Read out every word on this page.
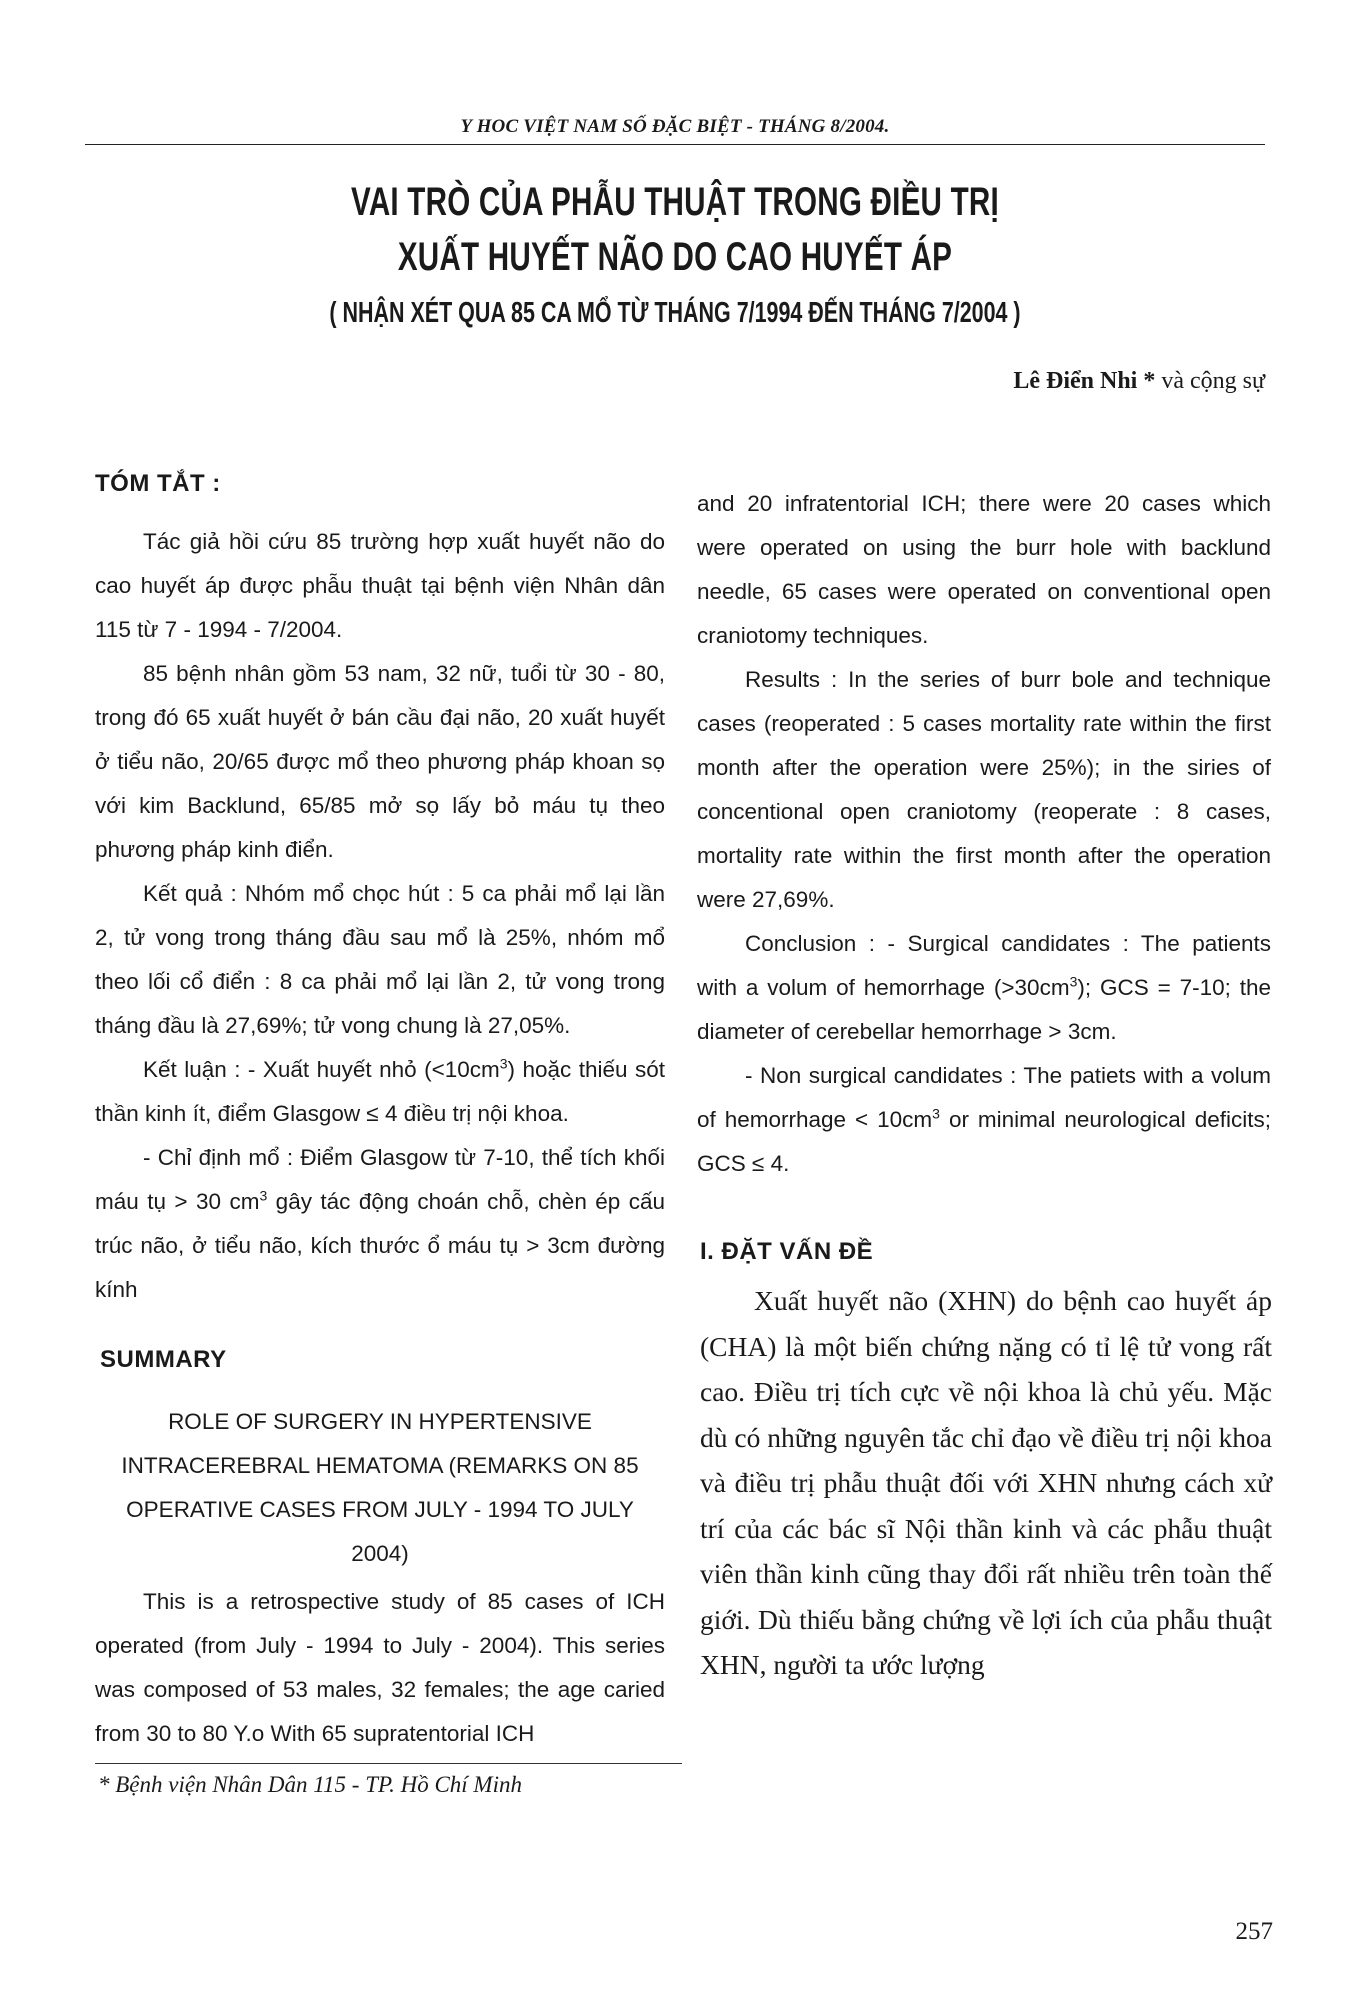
Y HOC VIỆT NAM SỐ ĐẶC BIỆT - THÁNG 8/2004.
VAI TRÒ CỦA PHẪU THUẬT TRONG ĐIỀU TRỊ
XUẤT HUYẾT NÃO DO CAO HUYẾT ÁP
( NHẬN XÉT QUA 85 CA MỔ TỪ THÁNG 7/1994 ĐẾN THÁNG 7/2004 )
Lê Điển Nhi * và cộng sự
TÓM TẮT :

Tác giả hồi cứu 85 trường hợp xuất huyết não do cao huyết áp được phẫu thuật tại bệnh viện Nhân dân 115 từ 7 - 1994 - 7/2004.

85 bệnh nhân gồm 53 nam, 32 nữ, tuổi từ 30 - 80, trong đó 65 xuất huyết ở bán cầu đại não, 20 xuất huyết ở tiểu não, 20/65 được mổ theo phương pháp khoan sọ với kim Backlund, 65/85 mở sọ lấy bỏ máu tụ theo phương pháp kinh điển.

Kết quả : Nhóm mổ chọc hút : 5 ca phải mổ lại lần 2, tử vong trong tháng đầu sau mổ là 25%, nhóm mổ theo lối cổ điển : 8 ca phải mổ lại lần 2, tử vong trong tháng đầu là 27,69%; tử vong chung là 27,05%.

Kết luận : - Xuất huyết nhỏ $(<10cm^3)$ hoặc thiếu sót thần kinh ít, điểm Glasgow ≤ 4 điều trị nội khoa.

- Chỉ định mổ : Điểm Glasgow từ 7-10, thể tích khối máu tụ > 30 $cm^3$ gây tác động choán chỗ, chèn ép cấu trúc não, ở tiểu não, kích thước ổ máu tụ > 3cm đường kính

SUMMARY

ROLE OF SURGERY IN HYPERTENSIVE

INTRACEREBRAL HEMATOMA (REMARKS ON 85

OPERATIVE CASES FROM JULY - 1994 TO JULY 2004)

This is a retrospective study of 85 cases of ICH operated (from July - 1994 to July - 2004). This series was composed of 53 males, 32 females; the age caried from 30 to 80 Y.o With 65 supratentorial ICH

and 20 infratentorial ICH; there were 20 cases which were operated on using the burr hole with backlund needle, 65 cases were operated on conventional open craniotomy techniques.

Results : In the series of burr bole and technique cases (reoperated : 5 cases mortality rate within the first month after the operation were 25%); in the siries of concentional open craniotomy (reoperate : 8 cases, mortality rate within the first month after the operation were 27,69%.

Conclusion : - Surgical candidates : The patients with a volum of hemorrhage $(>30cm^3)$; GCS = 7-10; the diameter of cerebellar hemorrhage > 3cm.

- Non surgical candidates : The patiets with a volum of hemorrhage < $10cm^3$ or minimal neurological deficits; GCS ≤ 4.

I. ĐẶT VẤN ĐỀ

Xuất huyết não (XHN) do bệnh cao huyết áp (CHA) là một biến chứng nặng có tỉ lệ tử vong rất cao. Điều trị tích cực về nội khoa là chủ yếu. Mặc dù có những nguyên tắc chỉ đạo về điều trị nội khoa và điều trị phẫu thuật đối với XHN nhưng cách xử trí của các bác sĩ Nội thần kinh và các phẫu thuật viên thần kinh cũng thay đổi rất nhiều trên toàn thế giới. Dù thiếu bằng chứng về lợi ích của phẫu thuật XHN, người ta ước lượng

* Bệnh viện Nhân Dân 115 - TP. Hồ Chí Minh
257
